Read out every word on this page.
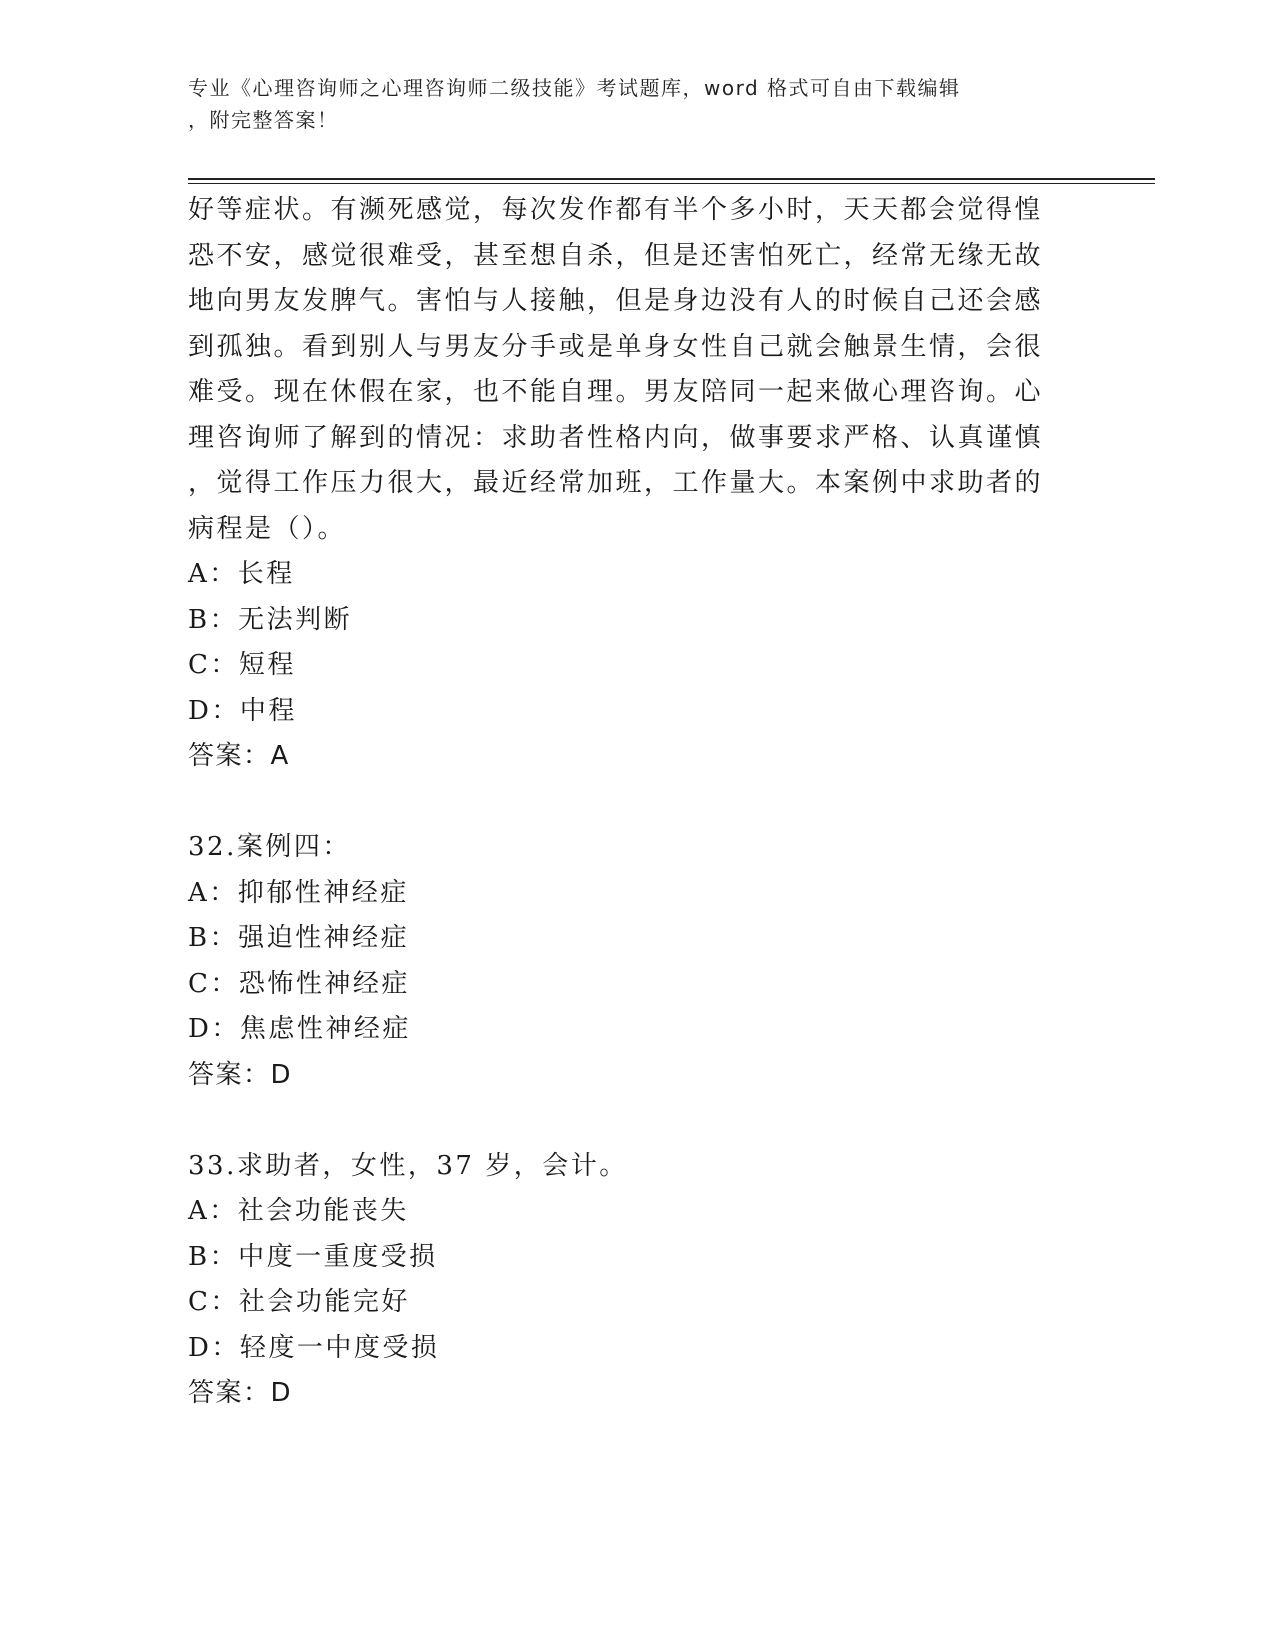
专业《心理咨询师之心理咨询师二级技能》考试题库，word 格式可自由下载编辑
，附完整答案！

好等症状。有濒死感觉，每次发作都有半个多小时，天天都会觉得惶

恐不安，感觉很难受，甚至想自杀，但是还害怕死亡，经常无缘无故

地向男友发脾气。害怕与人接触，但是身边没有人的时候自己还会感

到孤独。看到别人与男友分手或是单身女性自己就会触景生情，会很

难受。现在休假在家，也不能自理。男友陪同一起来做心理咨询。心

理咨询师了解到的情况：求助者性格内向，做事要求严格、认真谨慎

，觉得工作压力很大，最近经常加班，工作量大。本案例中求助者的

病程是（）。

A：长程

B：无法判断

C：短程

D：中程

答案：A

32.案例四：

A：抑郁性神经症

B：强迫性神经症

C：恐怖性神经症

D：焦虑性神经症

答案：D

33.求助者，女性，37 岁，会计。

A：社会功能丧失

B：中度一重度受损

C：社会功能完好

D：轻度一中度受损

答案：D
